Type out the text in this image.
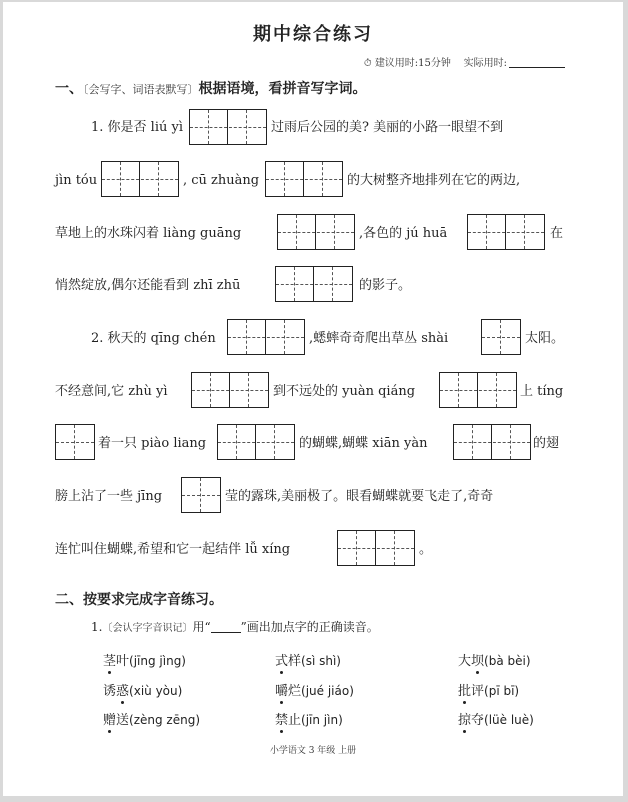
期中综合练习
⏱ 建议用时:15分钟 实际用时:
一、〔会写字、词语表默写〕根据语境，看拼音写字词。
1. 你是否 liú yì	过雨后公园的美? 美丽的小路一眼望不到
jìn tóu	, cū zhuàng	的大树整齐地排列在它的两边,
草地上的水珠闪着 liàng guāng	,各色的 jú huā	在
悄然绽放,偶尔还能看到 zhī zhū	的影子。
2. 秋天的 qīng chén	,蟋蟀奇奇爬出草丛 shài	太阳。
不经意间,它 zhù yì	到不远处的 yuàn qiáng	上 tíng
着一只 piào liang	的蝴蝶,蝴蝶 xiān yàn	的翅
膀上沾了一些 jīng	莹的露珠,美丽极了。眼看蝴蝶就要飞走了,奇奇
连忙叫住蝴蝶,希望和它一起结伴 lǚ xíng	。
二、按要求完成字音练习。
1.〔会认字字音识记〕用“	”画出加点字的正确读音。
茎叶(jīng jìng)	式样(sì shì)	大坝(bà bèi)
诱惑(xiù yòu)	嚼烂(jué jiáo)	批评(pī bī)
赠送(zèng zēng)	禁止(jīn jìn)	掠夺(lüè luè)
小学语文 3 年级 上册
